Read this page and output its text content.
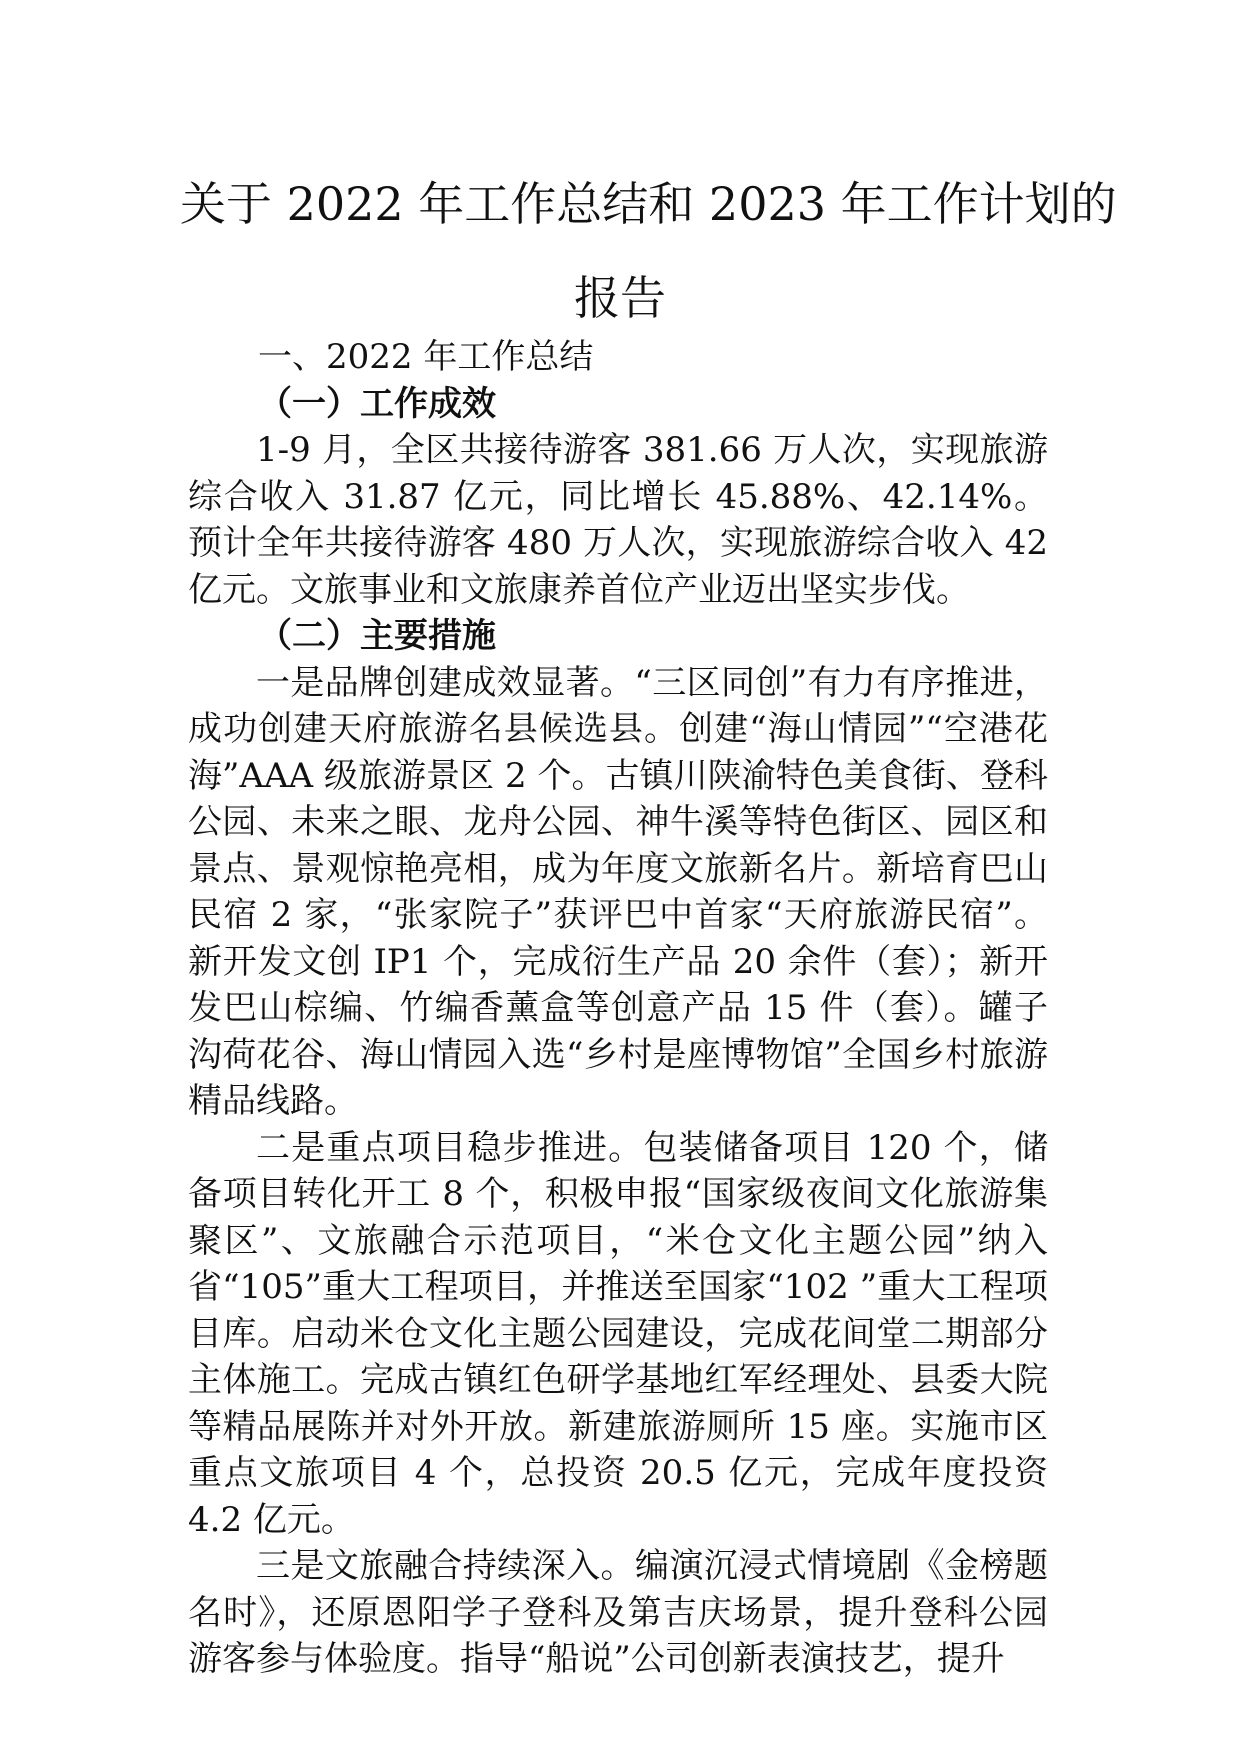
关于 2022 年工作总结和 2023 年工作计划的
报告
一、2022 年工作总结
（一）工作成效

1-9 月，全区共接待游客 381.66 万人次，实现旅游综合收入 31.87 亿元，同比增长 45.88%、42.14%。预计全年共接待游客 480 万人次，实现旅游综合收入 42 亿元。文旅事业和文旅康养首位产业迈出坚实步伐。

（二）主要措施

一是品牌创建成效显著。“三区同创”有力有序推进，成功创建天府旅游名县候选县。创建“海山情园”“空港花海”AAA 级旅游景区 2 个。古镇川陕渝特色美食街、登科公园、未来之眼、龙舟公园、神牛溪等特色街区、园区和景点、景观惊艳亮相，成为年度文旅新名片。新培育巴山民宿 2 家，“张家院子”获评巴中首家“天府旅游民宿”。新开发文创 IP1 个，完成衍生产品 20 余件（套）；新开发巴山棕编、竹编香薰盒等创意产品 15 件（套）。罐子沟荷花谷、海山情园入选“乡村是座博物馆”全国乡村旅游精品线路。

二是重点项目稳步推进。包装储备项目 120 个，储备项目转化开工 8 个，积极申报“国家级夜间文化旅游集聚区”、文旅融合示范项目，“米仓文化主题公园”纳入省“105”重大工程项目，并推送至国家“102 ”重大工程项目库。启动米仓文化主题公园建设，完成花间堂二期部分主体施工。完成古镇红色研学基地红军经理处、县委大院等精品展陈并对外开放。新建旅游厕所 15 座。实施市区重点文旅项目 4 个，总投资 20.5 亿元，完成年度投资 4.2 亿元。

三是文旅融合持续深入。编演沉浸式情境剧《金榜题名时》，还原恩阳学子登科及第吉庆场景，提升登科公园游客参与体验度。指导“船说”公司创新表演技艺，提升
